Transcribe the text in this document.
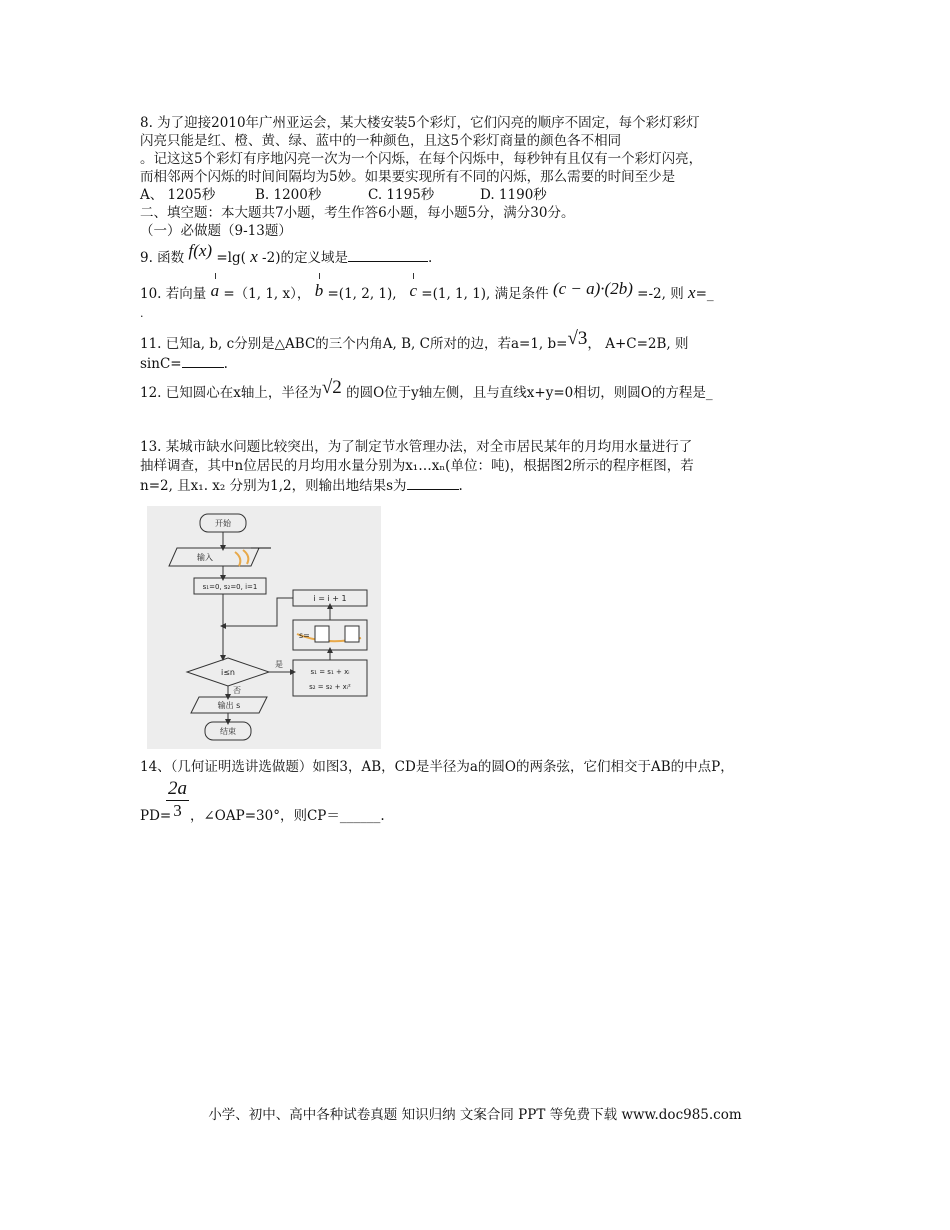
8. 为了迎接2010年广州亚运会，某大楼安装5个彩灯，它们闪亮的顺序不固定，每个彩灯彩灯
闪亮只能是红、橙、黄、绿、蓝中的一种颜色，且这5个彩灯商量的颜色各不相同
。记这这5个彩灯有序地闪亮一次为一个闪烁，在每个闪烁中，每秒钟有且仅有一个彩灯闪亮，
而相邻两个闪烁的时间间隔均为5妙。如果要实现所有不同的闪烁，那么需要的时间至少是
A、 1205秒	B. 1200秒	C. 1195秒	D. 1190秒
二、填空题：本大题共7小题，考生作答6小题，每小题5分，满分30分。
（一）必做题（9-13题）
9. 函数 f(x) =lg( x -2)的定义域是	.
10. 若向量 a =（1, 1, x）， b =(1, 2, 1), c =(1, 1, 1), 满足条件 (c − a)·(2b) =-2, 则 x=_
.
11. 已知a, b, c分别是△ABC的三个内角A, B, C所对的边，若a=1, b=√3， A+C=2B, 则
sinC=	.
12. 已知圆心在x轴上，半径为√2 的圆O位于y轴左侧，且与直线x+y=0相切，则圆O的方程是_
13. 某城市缺水问题比较突出，为了制定节水管理办法，对全市居民某年的月均用水量进行了
抽样调查，其中n位居民的月均用水量分别为x₁…xₙ(单位：吨)，根据图2所示的程序框图，若
n=2, 且x₁. x₂ 分别为1,2，则输出地结果s为	.
开始
输入
s₁=0, s₂=0, i=1
i = i + 1
s=
i≤n
是
否
s₁ = s₁ + xᵢ
s₂ = s₂ + xᵢ²
输出 s
结束
14、（几何证明选讲选做题）如图3，AB，CD是半径为a的圆O的两条弦，它们相交于AB的中点P，
$\frac{2a}{3}$
PD= ，∠OAP=30°，则CP＝______.
小学、初中、高中各种试卷真题 知识归纳 文案合同 PPT 等免费下载 www.doc985.com
